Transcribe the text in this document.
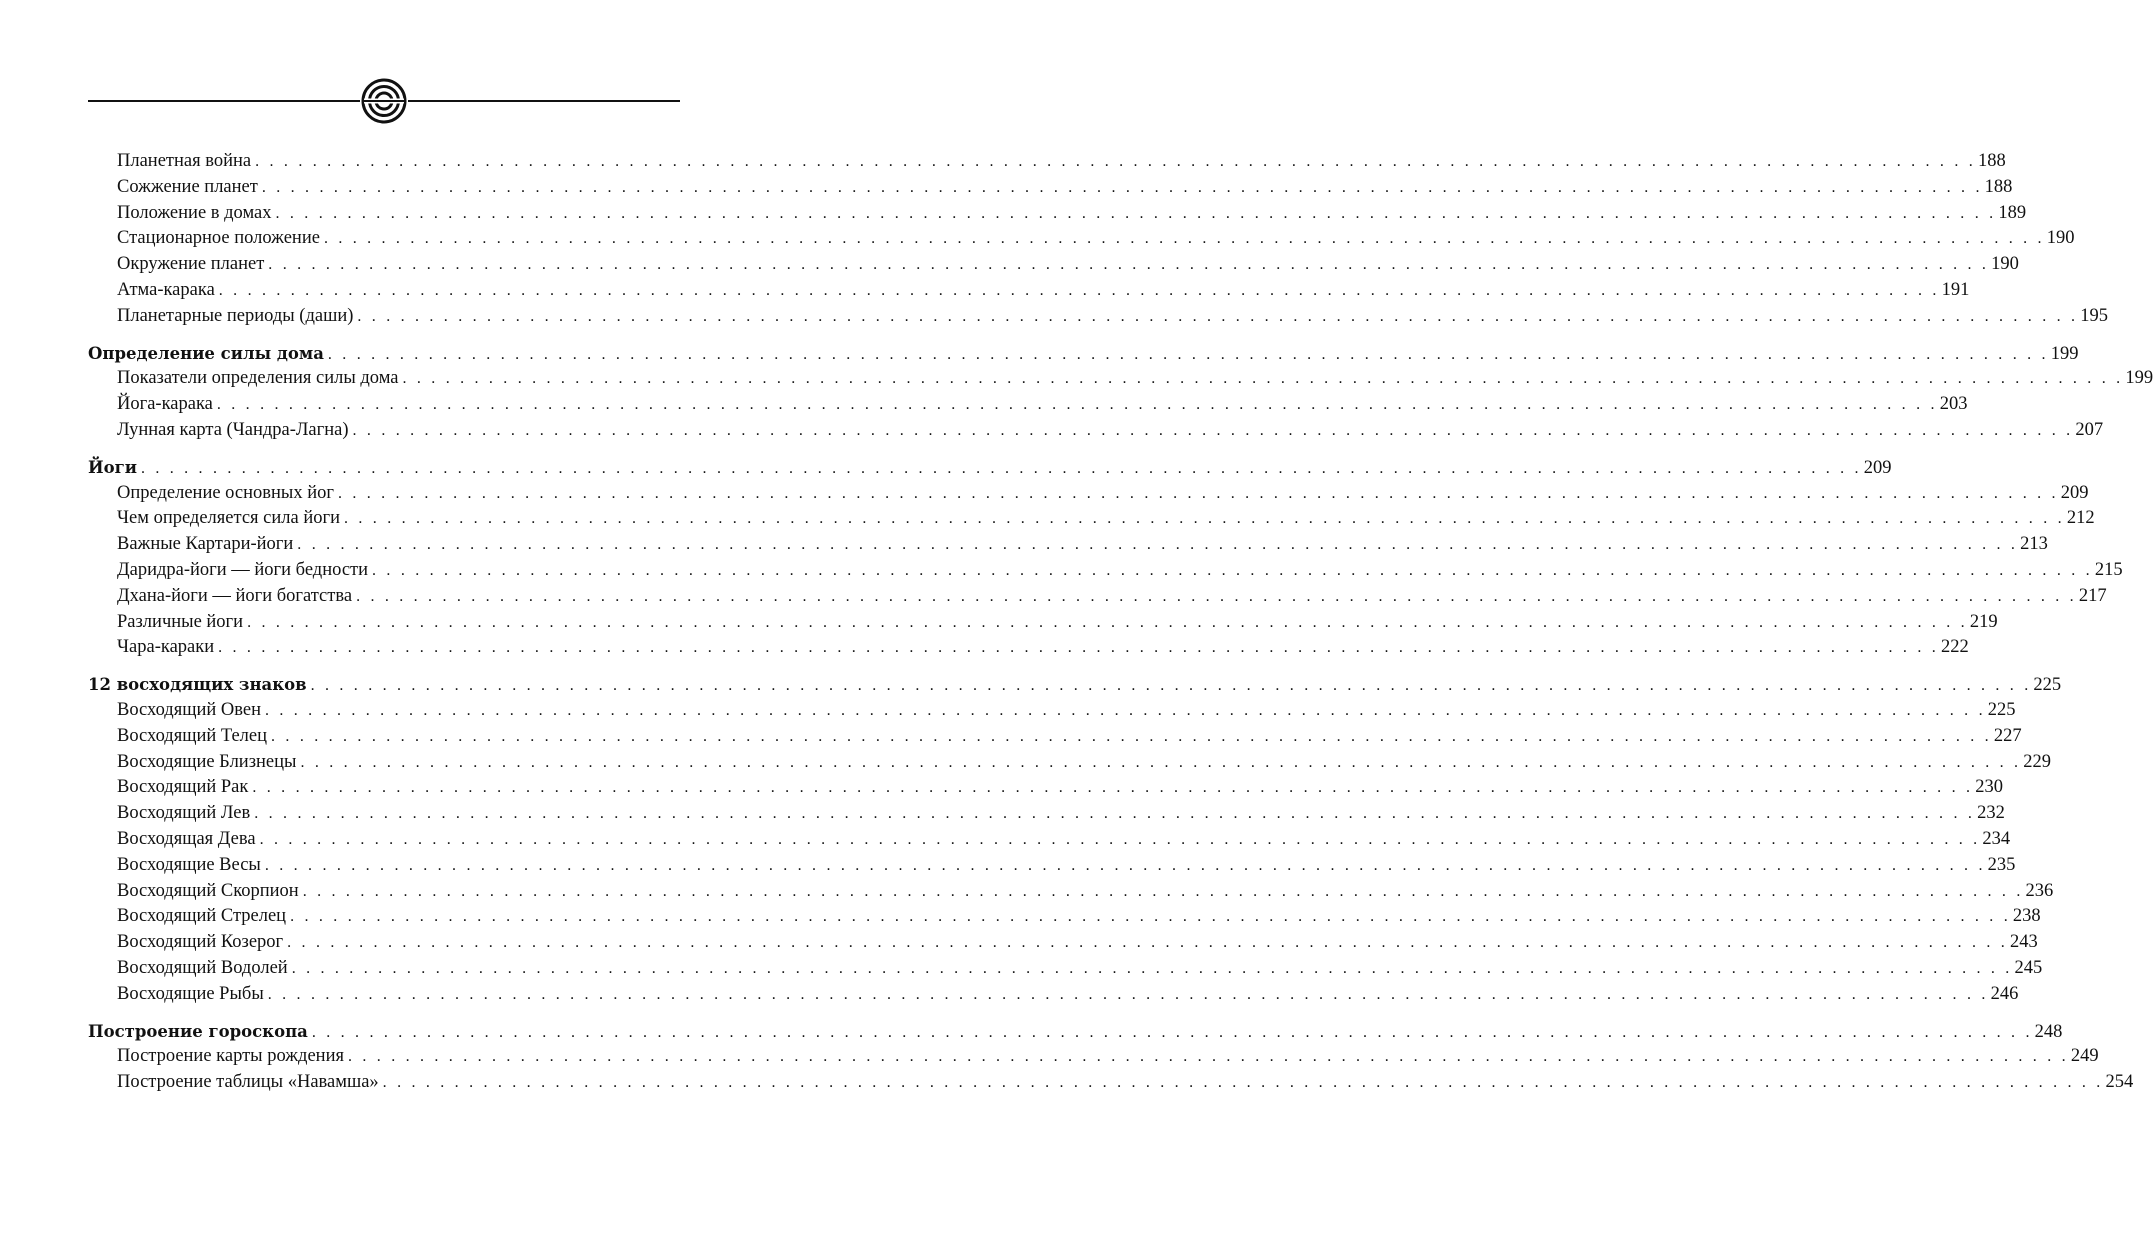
Планетная война . . . . . . . . . . . . . . . . . . . . . . . . . . . . . . . . . . . . . . . . . . . . . . . . . . . . . . . . . . . . . . . . . . . . . . . . . . . . . . . . . . . . . . . . . . . . . . . . . . . . . . . . . . . . . . . . . . . . . . . . 188
Сожжение планет . . . . . . . . . . . . . . . . . . . . . . . . . . . . . . . . . . . . . . . . . . . . . . . . . . . . . . . . . . . . . . . . . . . . . . . . . . . . . . . . . . . . . . . . . . . . . . . . . . . . . . . . . . . . . . . . . . . . . . . . 188
Положение в домах . . . . . . . . . . . . . . . . . . . . . . . . . . . . . . . . . . . . . . . . . . . . . . . . . . . . . . . . . . . . . . . . . . . . . . . . . . . . . . . . . . . . . . . . . . . . . . . . . . . . . . . . . . . . . . . . . . . . . . . . 189
Стационарное положение . . . . . . . . . . . . . . . . . . . . . . . . . . . . . . . . . . . . . . . . . . . . . . . . . . . . . . . . . . . . . . . . . . . . . . . . . . . . . . . . . . . . . . . . . . . . . . . . . . . . . . . . . . . . . . . . . . . . . . . . 190
Окружение планет . . . . . . . . . . . . . . . . . . . . . . . . . . . . . . . . . . . . . . . . . . . . . . . . . . . . . . . . . . . . . . . . . . . . . . . . . . . . . . . . . . . . . . . . . . . . . . . . . . . . . . . . . . . . . . . . . . . . . . . . 190
Атма-карака . . . . . . . . . . . . . . . . . . . . . . . . . . . . . . . . . . . . . . . . . . . . . . . . . . . . . . . . . . . . . . . . . . . . . . . . . . . . . . . . . . . . . . . . . . . . . . . . . . . . . . . . . . . . . . . . . . . . . . . . 191
Планетарные периоды (даши) . . . . . . . . . . . . . . . . . . . . . . . . . . . . . . . . . . . . . . . . . . . . . . . . . . . . . . . . . . . . . . . . . . . . . . . . . . . . . . . . . . . . . . . . . . . . . . . . . . . . . . . . . . . . . . . . . . . . . . . . 195
Определение силы дома . . . . . . . . . . . . . . . . . . . . . . . . . . . . . . . . . . . . . . . . . . . . . . . . . . . . . . . . . . . . . . . . . . . . . . . . . . . . . . . . . . . . . . . . . . . . . . . . . . . . . . . . . . . . . . . . . . . . . . . . 199
Показатели определения силы дома . . . . . . . . . . . . . . . . . . . . . . . . . . . . . . . . . . . . . . . . . . . . . . . . . . . . . . . . . . . . . . . . . . . . . . . . . . . . . . . . . . . . . . . . . . . . . . . . . . . . . . . . . . . . . . . . . . . . . . . . 199
Йога-карака . . . . . . . . . . . . . . . . . . . . . . . . . . . . . . . . . . . . . . . . . . . . . . . . . . . . . . . . . . . . . . . . . . . . . . . . . . . . . . . . . . . . . . . . . . . . . . . . . . . . . . . . . . . . . . . . . . . . . . . . 203
Лунная карта (Чандра-Лагна) . . . . . . . . . . . . . . . . . . . . . . . . . . . . . . . . . . . . . . . . . . . . . . . . . . . . . . . . . . . . . . . . . . . . . . . . . . . . . . . . . . . . . . . . . . . . . . . . . . . . . . . . . . . . . . . . . . . . . . . . 207
Йоги . . . . . . . . . . . . . . . . . . . . . . . . . . . . . . . . . . . . . . . . . . . . . . . . . . . . . . . . . . . . . . . . . . . . . . . . . . . . . . . . . . . . . . . . . . . . . . . . . . . . . . . . . . . . . . . . . . . . . . . . 209
Определение основных йог . . . . . . . . . . . . . . . . . . . . . . . . . . . . . . . . . . . . . . . . . . . . . . . . . . . . . . . . . . . . . . . . . . . . . . . . . . . . . . . . . . . . . . . . . . . . . . . . . . . . . . . . . . . . . . . . . . . . . . . . 209
Чем определяется сила йоги . . . . . . . . . . . . . . . . . . . . . . . . . . . . . . . . . . . . . . . . . . . . . . . . . . . . . . . . . . . . . . . . . . . . . . . . . . . . . . . . . . . . . . . . . . . . . . . . . . . . . . . . . . . . . . . . . . . . . . . . 212
Важные Картари-йоги . . . . . . . . . . . . . . . . . . . . . . . . . . . . . . . . . . . . . . . . . . . . . . . . . . . . . . . . . . . . . . . . . . . . . . . . . . . . . . . . . . . . . . . . . . . . . . . . . . . . . . . . . . . . . . . . . . . . . . . . 213
Даридра-йоги — йоги бедности . . . . . . . . . . . . . . . . . . . . . . . . . . . . . . . . . . . . . . . . . . . . . . . . . . . . . . . . . . . . . . . . . . . . . . . . . . . . . . . . . . . . . . . . . . . . . . . . . . . . . . . . . . . . . . . . . . . . . . . . 215
Дхана-йоги — йоги богатства . . . . . . . . . . . . . . . . . . . . . . . . . . . . . . . . . . . . . . . . . . . . . . . . . . . . . . . . . . . . . . . . . . . . . . . . . . . . . . . . . . . . . . . . . . . . . . . . . . . . . . . . . . . . . . . . . . . . . . . . 217
Различные йоги . . . . . . . . . . . . . . . . . . . . . . . . . . . . . . . . . . . . . . . . . . . . . . . . . . . . . . . . . . . . . . . . . . . . . . . . . . . . . . . . . . . . . . . . . . . . . . . . . . . . . . . . . . . . . . . . . . . . . . . . 219
Чара-караки . . . . . . . . . . . . . . . . . . . . . . . . . . . . . . . . . . . . . . . . . . . . . . . . . . . . . . . . . . . . . . . . . . . . . . . . . . . . . . . . . . . . . . . . . . . . . . . . . . . . . . . . . . . . . . . . . . . . . . . . 222
12 восходящих знаков . . . . . . . . . . . . . . . . . . . . . . . . . . . . . . . . . . . . . . . . . . . . . . . . . . . . . . . . . . . . . . . . . . . . . . . . . . . . . . . . . . . . . . . . . . . . . . . . . . . . . . . . . . . . . . . . . . . . . . . . 225
Восходящий Овен . . . . . . . . . . . . . . . . . . . . . . . . . . . . . . . . . . . . . . . . . . . . . . . . . . . . . . . . . . . . . . . . . . . . . . . . . . . . . . . . . . . . . . . . . . . . . . . . . . . . . . . . . . . . . . . . . . . . . . . . 225
Восходящий Телец . . . . . . . . . . . . . . . . . . . . . . . . . . . . . . . . . . . . . . . . . . . . . . . . . . . . . . . . . . . . . . . . . . . . . . . . . . . . . . . . . . . . . . . . . . . . . . . . . . . . . . . . . . . . . . . . . . . . . . . . 227
Восходящие Близнецы . . . . . . . . . . . . . . . . . . . . . . . . . . . . . . . . . . . . . . . . . . . . . . . . . . . . . . . . . . . . . . . . . . . . . . . . . . . . . . . . . . . . . . . . . . . . . . . . . . . . . . . . . . . . . . . . . . . . . . . . 229
Восходящий Рак . . . . . . . . . . . . . . . . . . . . . . . . . . . . . . . . . . . . . . . . . . . . . . . . . . . . . . . . . . . . . . . . . . . . . . . . . . . . . . . . . . . . . . . . . . . . . . . . . . . . . . . . . . . . . . . . . . . . . . . . 230
Восходящий Лев . . . . . . . . . . . . . . . . . . . . . . . . . . . . . . . . . . . . . . . . . . . . . . . . . . . . . . . . . . . . . . . . . . . . . . . . . . . . . . . . . . . . . . . . . . . . . . . . . . . . . . . . . . . . . . . . . . . . . . . . 232
Восходящая Дева . . . . . . . . . . . . . . . . . . . . . . . . . . . . . . . . . . . . . . . . . . . . . . . . . . . . . . . . . . . . . . . . . . . . . . . . . . . . . . . . . . . . . . . . . . . . . . . . . . . . . . . . . . . . . . . . . . . . . . . . 234
Восходящие Весы . . . . . . . . . . . . . . . . . . . . . . . . . . . . . . . . . . . . . . . . . . . . . . . . . . . . . . . . . . . . . . . . . . . . . . . . . . . . . . . . . . . . . . . . . . . . . . . . . . . . . . . . . . . . . . . . . . . . . . . . 235
Восходящий Скорпион . . . . . . . . . . . . . . . . . . . . . . . . . . . . . . . . . . . . . . . . . . . . . . . . . . . . . . . . . . . . . . . . . . . . . . . . . . . . . . . . . . . . . . . . . . . . . . . . . . . . . . . . . . . . . . . . . . . . . . . . 236
Восходящий Стрелец . . . . . . . . . . . . . . . . . . . . . . . . . . . . . . . . . . . . . . . . . . . . . . . . . . . . . . . . . . . . . . . . . . . . . . . . . . . . . . . . . . . . . . . . . . . . . . . . . . . . . . . . . . . . . . . . . . . . . . . . 238
Восходящий Козерог . . . . . . . . . . . . . . . . . . . . . . . . . . . . . . . . . . . . . . . . . . . . . . . . . . . . . . . . . . . . . . . . . . . . . . . . . . . . . . . . . . . . . . . . . . . . . . . . . . . . . . . . . . . . . . . . . . . . . . . . 243
Восходящий Водолей . . . . . . . . . . . . . . . . . . . . . . . . . . . . . . . . . . . . . . . . . . . . . . . . . . . . . . . . . . . . . . . . . . . . . . . . . . . . . . . . . . . . . . . . . . . . . . . . . . . . . . . . . . . . . . . . . . . . . . . . 245
Восходящие Рыбы . . . . . . . . . . . . . . . . . . . . . . . . . . . . . . . . . . . . . . . . . . . . . . . . . . . . . . . . . . . . . . . . . . . . . . . . . . . . . . . . . . . . . . . . . . . . . . . . . . . . . . . . . . . . . . . . . . . . . . . . 246
Построение гороскопа . . . . . . . . . . . . . . . . . . . . . . . . . . . . . . . . . . . . . . . . . . . . . . . . . . . . . . . . . . . . . . . . . . . . . . . . . . . . . . . . . . . . . . . . . . . . . . . . . . . . . . . . . . . . . . . . . . . . . . . . 248
Построение карты рождения . . . . . . . . . . . . . . . . . . . . . . . . . . . . . . . . . . . . . . . . . . . . . . . . . . . . . . . . . . . . . . . . . . . . . . . . . . . . . . . . . . . . . . . . . . . . . . . . . . . . . . . . . . . . . . . . . . . . . . . . 249
Построение таблицы «Навамша» . . . . . . . . . . . . . . . . . . . . . . . . . . . . . . . . . . . . . . . . . . . . . . . . . . . . . . . . . . . . . . . . . . . . . . . . . . . . . . . . . . . . . . . . . . . . . . . . . . . . . . . . . . . . . . . . . . . . . . . . 254
